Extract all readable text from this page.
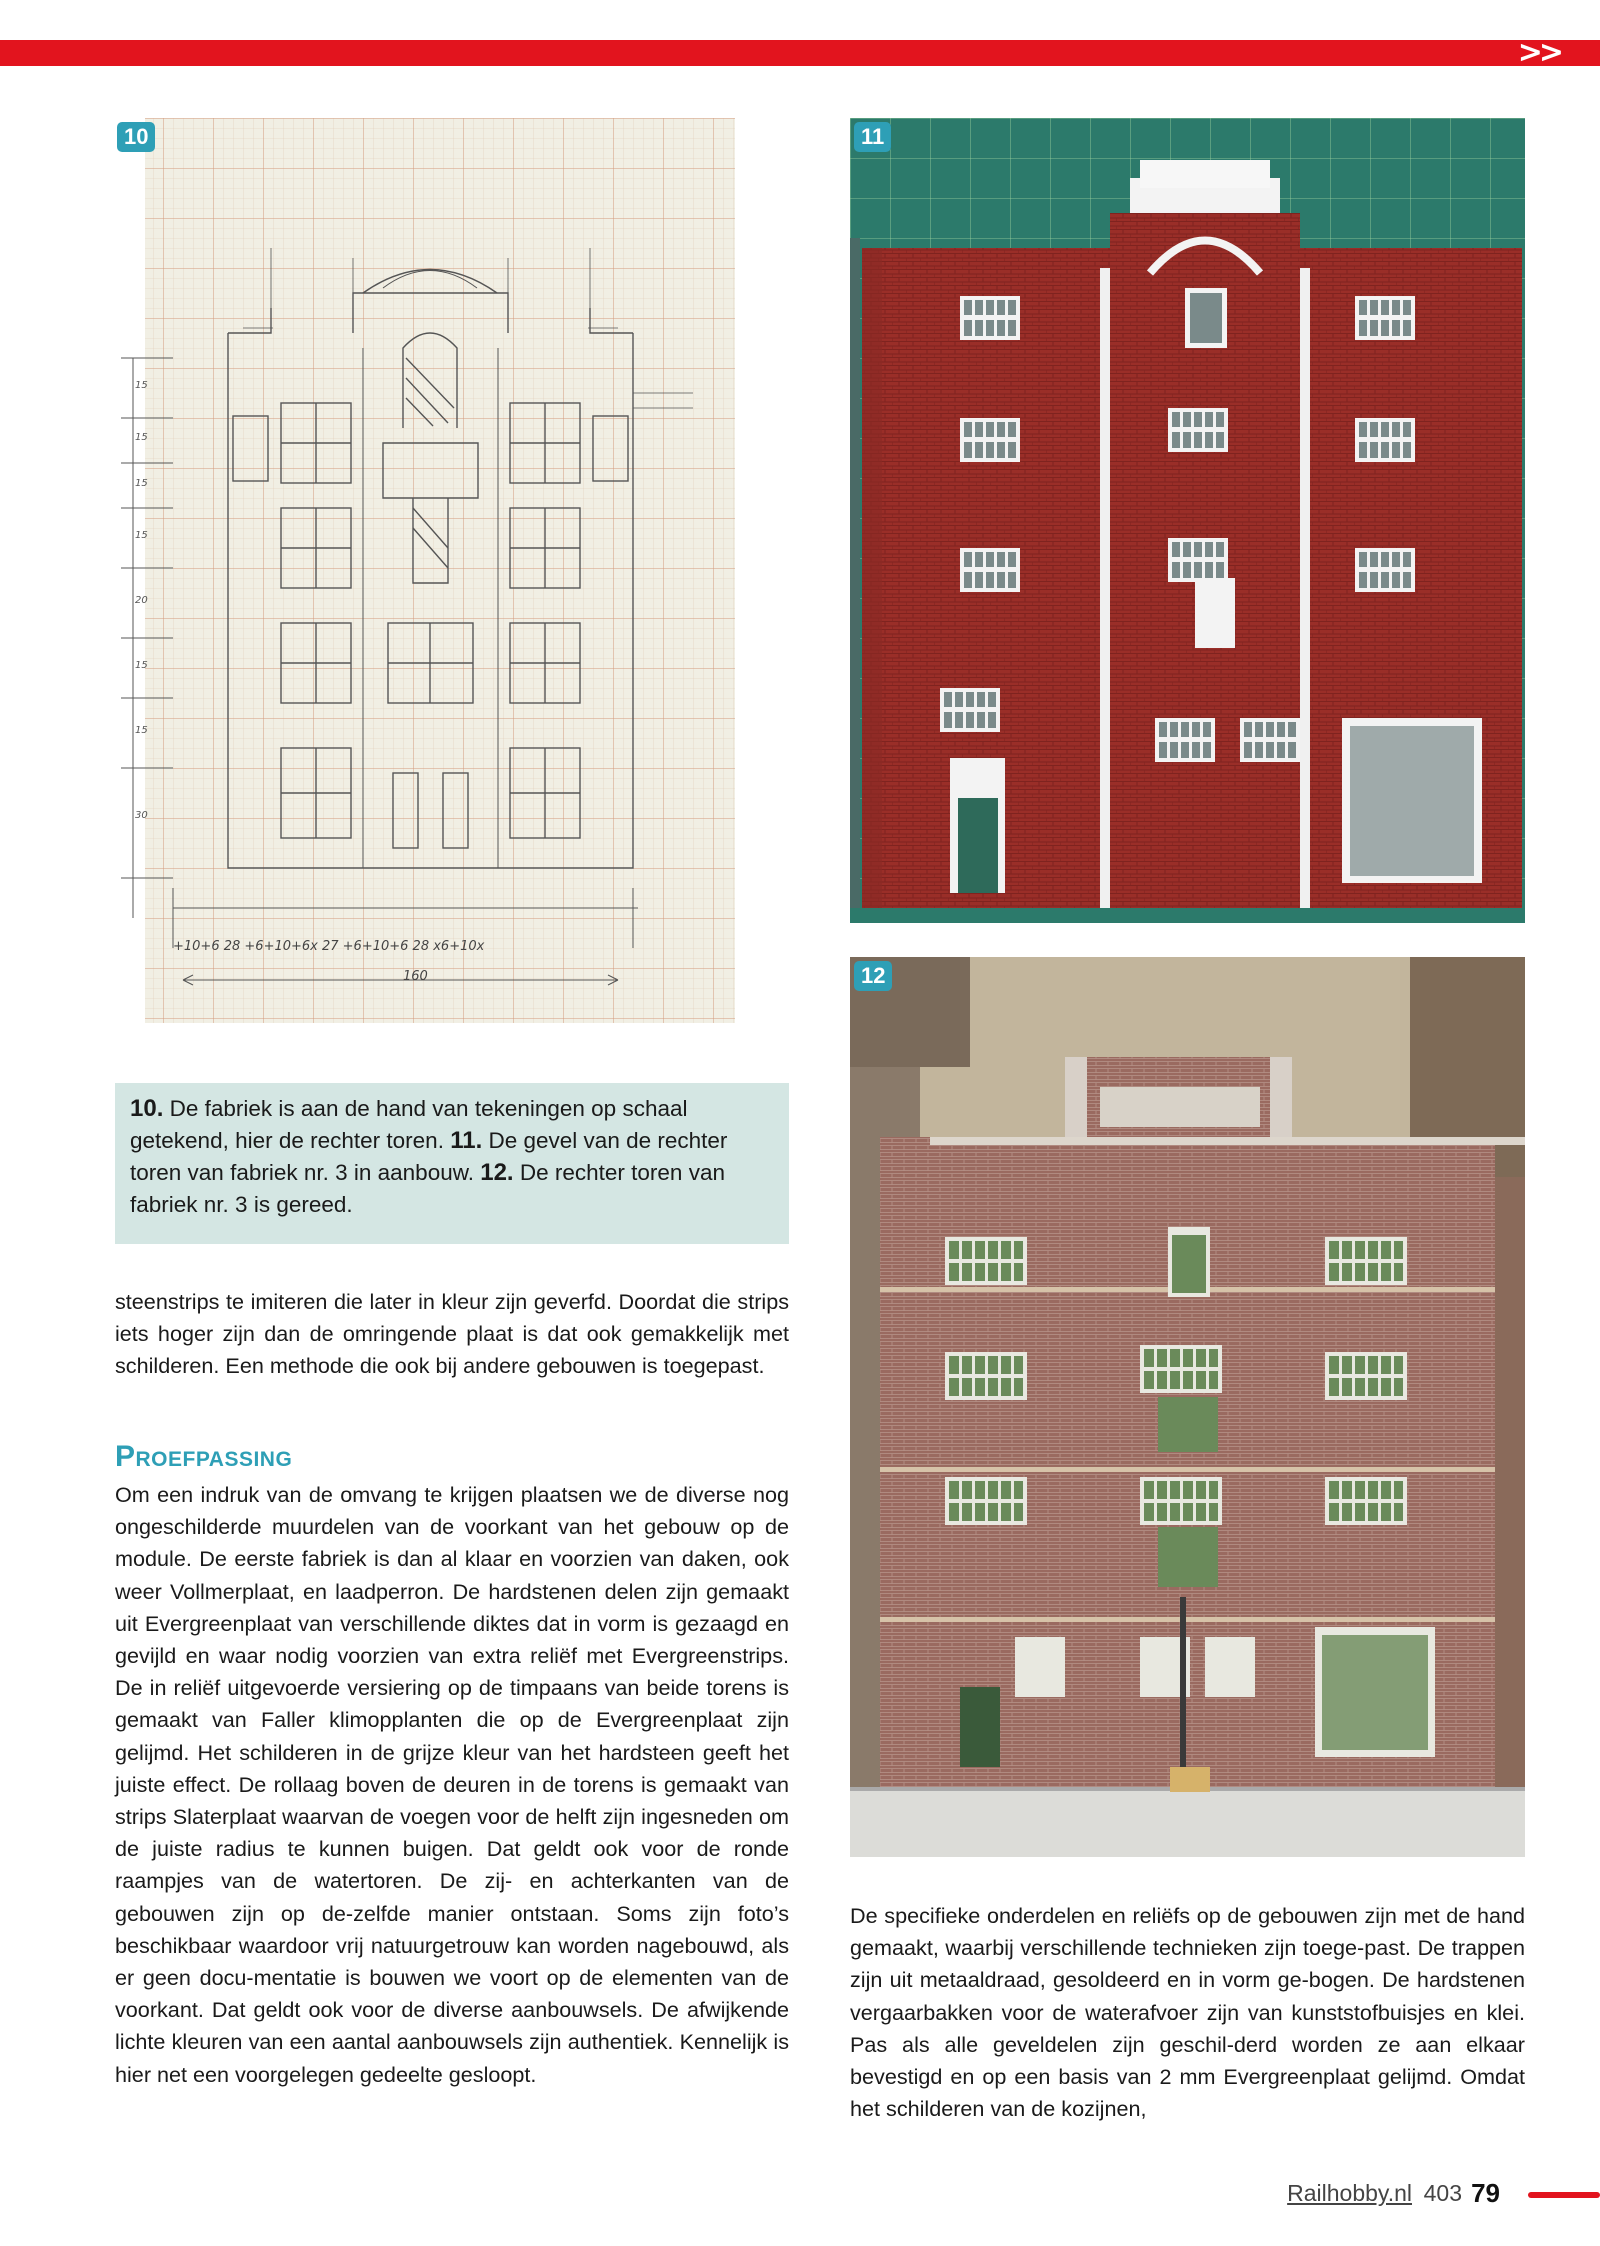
>>
+10+6 28 +6+10+6x 27 +6+10+6 28 x6+10x
160
15
15
15
15
20
15
15
30
10	11
12
10. De fabriek is aan de hand van tekeningen op schaal getekend, hier de rechter toren. 11. De gevel van de rechter toren van fabriek nr. 3 in aanbouw. 12. De rechter toren van fabriek nr. 3 is gereed.
steenstrips te imiteren die later in kleur zijn geverfd. Doordat die strips iets hoger zijn dan de omringende plaat is dat ook gemakkelijk met schilderen. Een methode die ook bij andere gebouwen is toegepast.
Proefpassing
Om een indruk van de omvang te krijgen plaatsen we de diverse nog ongeschilderde muurdelen van de voorkant van het gebouw op de module. De eerste fabriek is dan al klaar en voorzien van daken, ook weer Vollmerplaat, en laadperron. De hardstenen delen zijn gemaakt uit Evergreenplaat van verschillende diktes dat in vorm is gezaagd en gevijld en waar nodig voorzien van extra reliëf met Evergreenstrips. De in reliëf uitgevoerde versiering op de timpaans van beide torens is gemaakt van Faller klimopplanten die op de Evergreenplaat zijn gelijmd. Het schilderen in de grijze kleur van het hardsteen geeft het juiste effect. De rollaag boven de deuren in de torens is gemaakt van strips Slaterplaat waarvan de voegen voor de helft zijn ingesneden om de juiste radius te kunnen buigen. Dat geldt ook voor de ronde raampjes van de watertoren. De zij- en achterkanten van de gebouwen zijn op de-zelfde manier ontstaan. Soms zijn foto’s beschikbaar waardoor vrij natuurgetrouw kan worden nagebouwd, als er geen docu-mentatie is bouwen we voort op de elementen van de voorkant. Dat geldt ook voor de diverse aanbouwsels. De afwijkende lichte kleuren van een aantal aanbouwsels zijn authentiek. Kennelijk is hier net een voorgelegen gedeelte gesloopt.
De specifieke onderdelen en reliëfs op de gebouwen zijn met de hand gemaakt, waarbij verschillende technieken zijn toege-past. De trappen zijn uit metaaldraad, gesoldeerd en in vorm ge-bogen. De hardstenen vergaarbakken voor de waterafvoer zijn van kunststofbuisjes en klei. Pas als alle geveldelen zijn geschil-derd worden ze aan elkaar bevestigd en op een basis van 2 mm Evergreenplaat gelijmd. Omdat het schilderen van de kozijnen,
Railhobby.nl 403 79
